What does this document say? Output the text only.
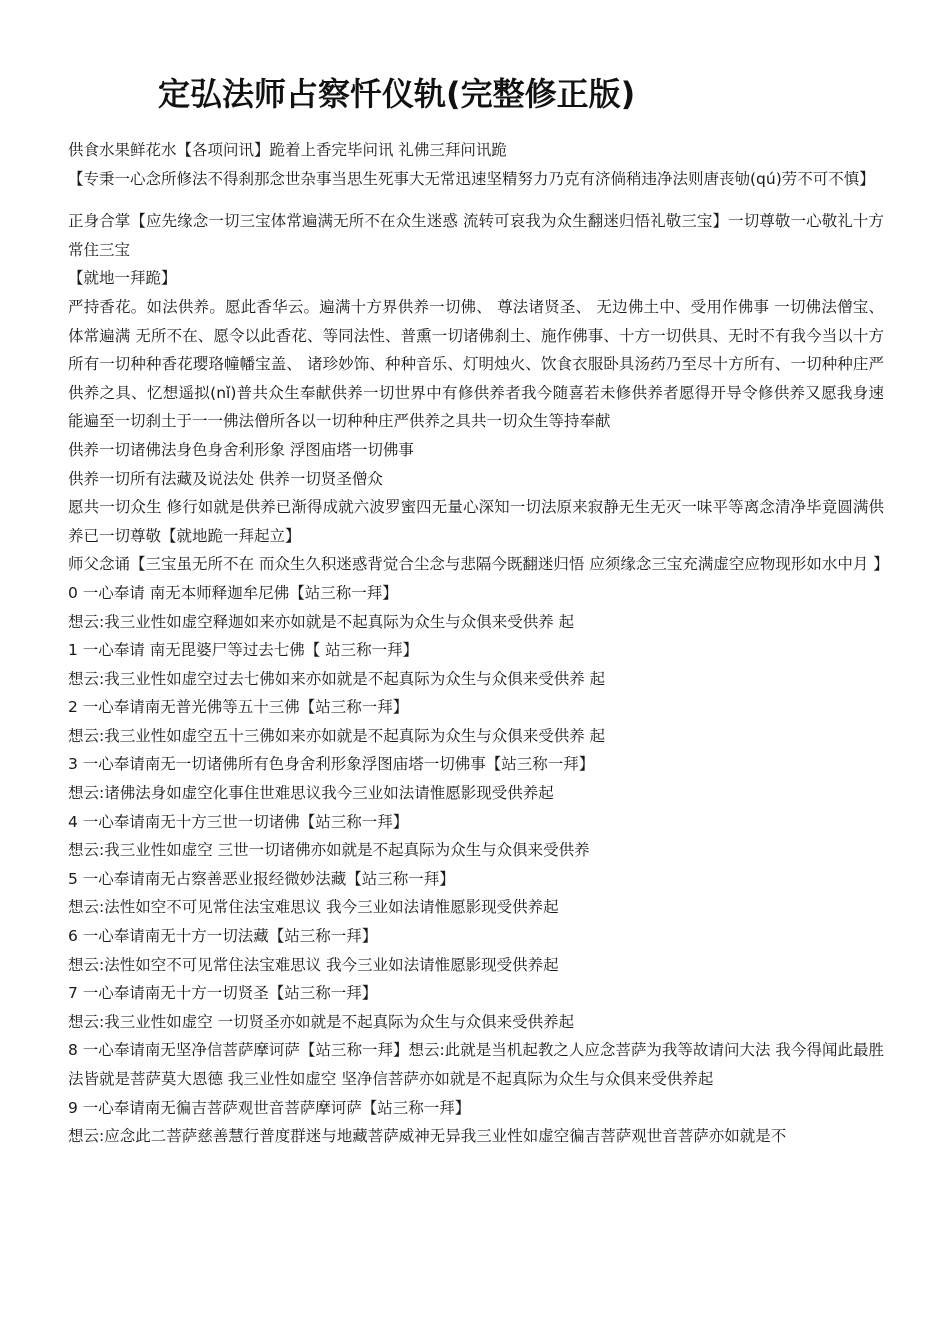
定弘法师占察忏仪轨(完整修正版)

供食水果鲜花水【各项问讯】跪着上香完毕问讯 礼佛三拜问讯跪

【专秉一心念所修法不得刹那念世杂事当思生死事大无常迅速坚精努力乃克有济倘稍违净法则唐丧劬(qú)劳不可不慎】

正身合掌【应先缘念一切三宝体常遍满无所不在众生迷惑 流转可哀我为众生翻迷归悟礼敬三宝】一切尊敬一心敬礼十方常住三宝

【就地一拜跪】

严持香花。如法供养。愿此香华云。遍满十方界供养一切佛、 尊法诸贤圣、 无边佛土中、受用作佛事 一切佛法僧宝、体常遍满 无所不在、愿令以此香花、等同法性、普熏一切诸佛刹土、施作佛事、十方一切供具、无时不有我今当以十方所有一切种种香花璎珞幢幡宝盖、 诸珍妙饰、种种音乐、灯明烛火、饮食衣服卧具汤药乃至尽十方所有、一切种种庄严供养之具、忆想遥拟(nǐ)普共众生奉献供养一切世界中有修供养者我今随喜若未修供养者愿得开导令修供养又愿我身速能遍至一切刹土于一一佛法僧所各以一切种种庄严供养之具共一切众生等持奉献

供养一切诸佛法身色身舍利形象 浮图庙塔一切佛事

供养一切所有法藏及说法处 供养一切贤圣僧众

愿共一切众生 修行如就是供养已渐得成就六波罗蜜四无量心深知一切法原来寂静无生无灭一味平等离念清净毕竟圆满供养已一切尊敬【就地跪一拜起立】

师父念诵【三宝虽无所不在 而众生久积迷惑背觉合尘念与悲隔今既翻迷归悟 应须缘念三宝充满虚空应物现形如水中月 】

0 一心奉请 南无本师释迦牟尼佛【站三称一拜】

想云:我三业性如虚空释迦如来亦如就是不起真际为众生与众俱来受供养 起

1 一心奉请 南无毘婆尸等过去七佛【 站三称一拜】

想云:我三业性如虚空过去七佛如来亦如就是不起真际为众生与众俱来受供养 起

2 一心奉请南无普光佛等五十三佛【站三称一拜】

想云:我三业性如虚空五十三佛如来亦如就是不起真际为众生与众俱来受供养 起

3 一心奉请南无一切诸佛所有色身舍利形象浮图庙塔一切佛事【站三称一拜】

想云:诸佛法身如虚空化事住世难思议我今三业如法请惟愿影现受供养起

4 一心奉请南无十方三世一切诸佛【站三称一拜】

想云:我三业性如虚空 三世一切诸佛亦如就是不起真际为众生与众俱来受供养

5 一心奉请南无占察善恶业报经微妙法藏【站三称一拜】

想云:法性如空不可见常住法宝难思议 我今三业如法请惟愿影现受供养起

6 一心奉请南无十方一切法藏【站三称一拜】

想云:法性如空不可见常住法宝难思议 我今三业如法请惟愿影现受供养起

7 一心奉请南无十方一切贤圣【站三称一拜】

想云:我三业性如虚空 一切贤圣亦如就是不起真际为众生与众俱来受供养起

8 一心奉请南无坚净信菩萨摩诃萨【站三称一拜】想云:此就是当机起教之人应念菩萨为我等故请问大法 我今得闻此最胜法皆就是菩萨莫大恩德 我三业性如虚空 坚净信菩萨亦如就是不起真际为众生与众俱来受供养起

9 一心奉请南无徧吉菩萨观世音菩萨摩诃萨【站三称一拜】

想云:应念此二菩萨慈善慧行普度群迷与地藏菩萨威神无异我三业性如虚空徧吉菩萨观世音菩萨亦如就是不
